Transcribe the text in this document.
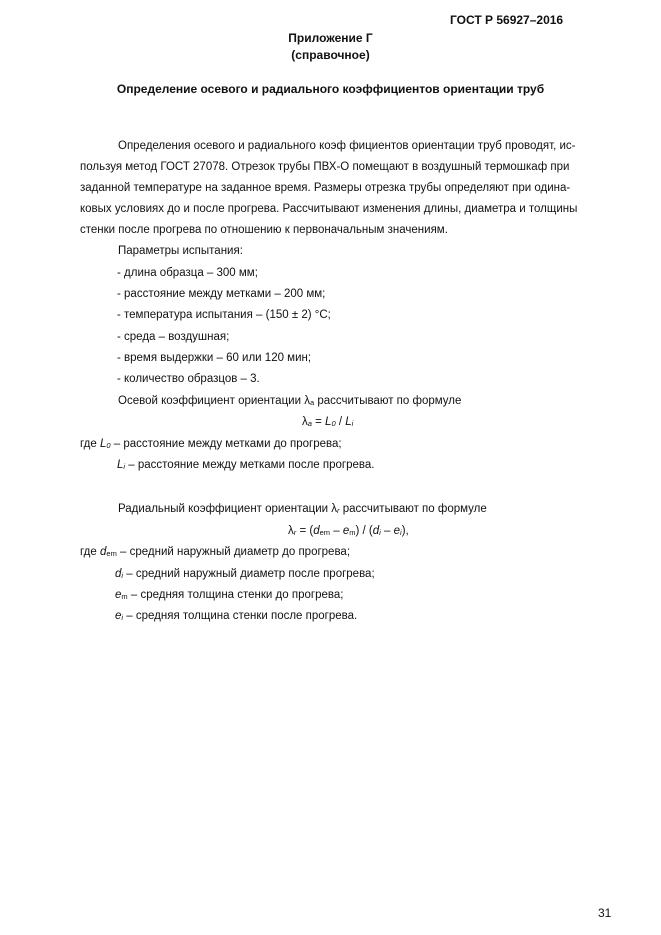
ГОСТ Р 56927–2016
Приложение Г
(справочное)
Определение осевого и радиального коэффициентов ориентации труб
Определения осевого и радиального коэф фициентов ориентации труб проводят, ис-
пользуя метод ГОСТ 27078. Отрезок трубы ПВХ-О помещают в воздушный термошкаф при
заданной температуре на заданное время. Размеры отрезка трубы определяют при одина-
ковых условиях до и после прогрева. Рассчитывают изменения длины, диаметра и толщины
стенки после прогрева по отношению к первоначальным значениям.
Параметры испытания:
- длина образца – 300 мм;
- расстояние между метками – 200 мм;
- температура испытания – (150 ± 2) °С;
- среда – воздушная;
- время выдержки – 60 или 120 мин;
- количество образцов – 3.
Осевой коэффициент ориентации $\lambda_a$ рассчитывают по формуле
$\lambda_a = L_0 / L_i$
где $L_0$ – расстояние между метками до прогрева;
$L_i$ – расстояние между метками после прогрева.
Радиальный коэффициент ориентации $\lambda_r$ рассчитывают по формуле
$\lambda_r = (d_{em} - e_m) / (d_i - e_i)$,
где $d_{em}$ – средний наружный диаметр до прогрева;
$d_i$ – средний наружный диаметр после прогрева;
$e_m$ – средняя толщина стенки до прогрева;
$e_i$ – средняя толщина стенки после прогрева.
31
